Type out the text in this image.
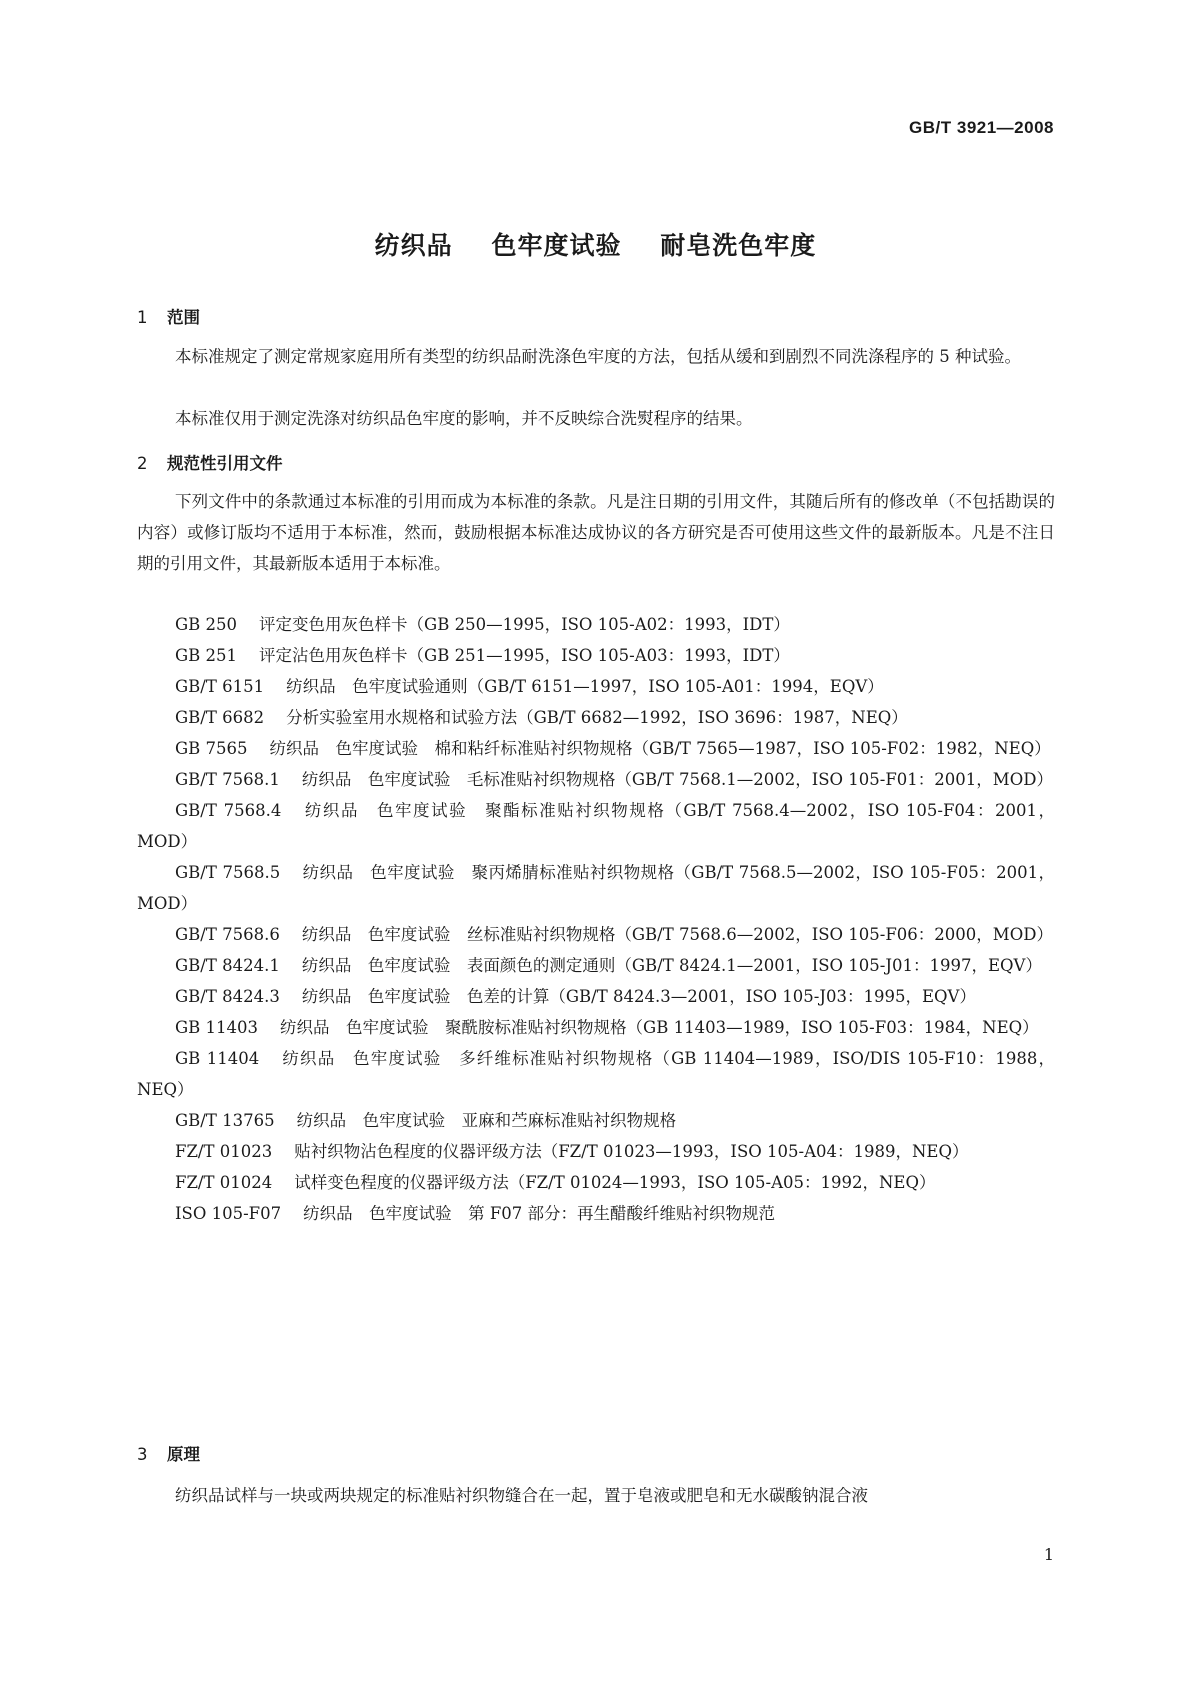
GB/T 3921—2008
纺织品    色牢度试验    耐皂洗色牢度
1 范围
本标准规定了测定常规家庭用所有类型的纺织品耐洗涤色牢度的方法，包括从缓和到剧烈不同洗涤程序的 5 种试验。
本标准仅用于测定洗涤对纺织品色牢度的影响，并不反映综合洗熨程序的结果。
2 规范性引用文件
下列文件中的条款通过本标准的引用而成为本标准的条款。凡是注日期的引用文件，其随后所有的修改单（不包括勘误的内容）或修订版均不适用于本标准，然而，鼓励根据本标准达成协议的各方研究是否可使用这些文件的最新版本。凡是不注日期的引用文件，其最新版本适用于本标准。
GB 250 评定变色用灰色样卡（GB 250—1995，ISO 105-A02：1993，IDT）
GB 251 评定沾色用灰色样卡（GB 251—1995，ISO 105-A03：1993，IDT）
GB/T 6151 纺织品　色牢度试验通则（GB/T 6151—1997，ISO 105-A01：1994，EQV）
GB/T 6682 分析实验室用水规格和试验方法（GB/T 6682—1992，ISO 3696：1987，NEQ）
GB 7565 纺织品　色牢度试验　棉和粘纤标准贴衬织物规格（GB/T 7565—1987，ISO 105-F02：1982，NEQ）
GB/T 7568.1 纺织品　色牢度试验　毛标准贴衬织物规格（GB/T 7568.1—2002，ISO 105-F01：2001，MOD）
GB/T 7568.4 纺织品　色牢度试验　聚酯标准贴衬织物规格（GB/T 7568.4—2002，ISO 105-F04：2001，MOD）
GB/T 7568.5 纺织品　色牢度试验　聚丙烯腈标准贴衬织物规格（GB/T 7568.5—2002，ISO 105-F05：2001，MOD）
GB/T 7568.6 纺织品　色牢度试验　丝标准贴衬织物规格（GB/T 7568.6—2002，ISO 105-F06：2000，MOD）
GB/T 8424.1 纺织品　色牢度试验　表面颜色的测定通则（GB/T 8424.1—2001，ISO 105-J01：1997，EQV）
GB/T 8424.3 纺织品　色牢度试验　色差的计算（GB/T 8424.3—2001，ISO 105-J03：1995，EQV）
GB 11403 纺织品　色牢度试验　聚酰胺标准贴衬织物规格（GB 11403—1989，ISO 105-F03：1984，NEQ）
GB 11404 纺织品　色牢度试验　多纤维标准贴衬织物规格（GB 11404—1989，ISO/DIS 105-F10：1988，NEQ）
GB/T 13765 纺织品　色牢度试验　亚麻和苎麻标准贴衬织物规格
FZ/T 01023 贴衬织物沾色程度的仪器评级方法（FZ/T 01023—1993，ISO 105-A04：1989，NEQ）
FZ/T 01024 试样变色程度的仪器评级方法（FZ/T 01024—1993，ISO 105-A05：1992，NEQ）
ISO 105-F07 纺织品　色牢度试验　第 F07 部分：再生醋酸纤维贴衬织物规范
3 原理
纺织品试样与一块或两块规定的标准贴衬织物缝合在一起，置于皂液或肥皂和无水碳酸钠混合液
1
